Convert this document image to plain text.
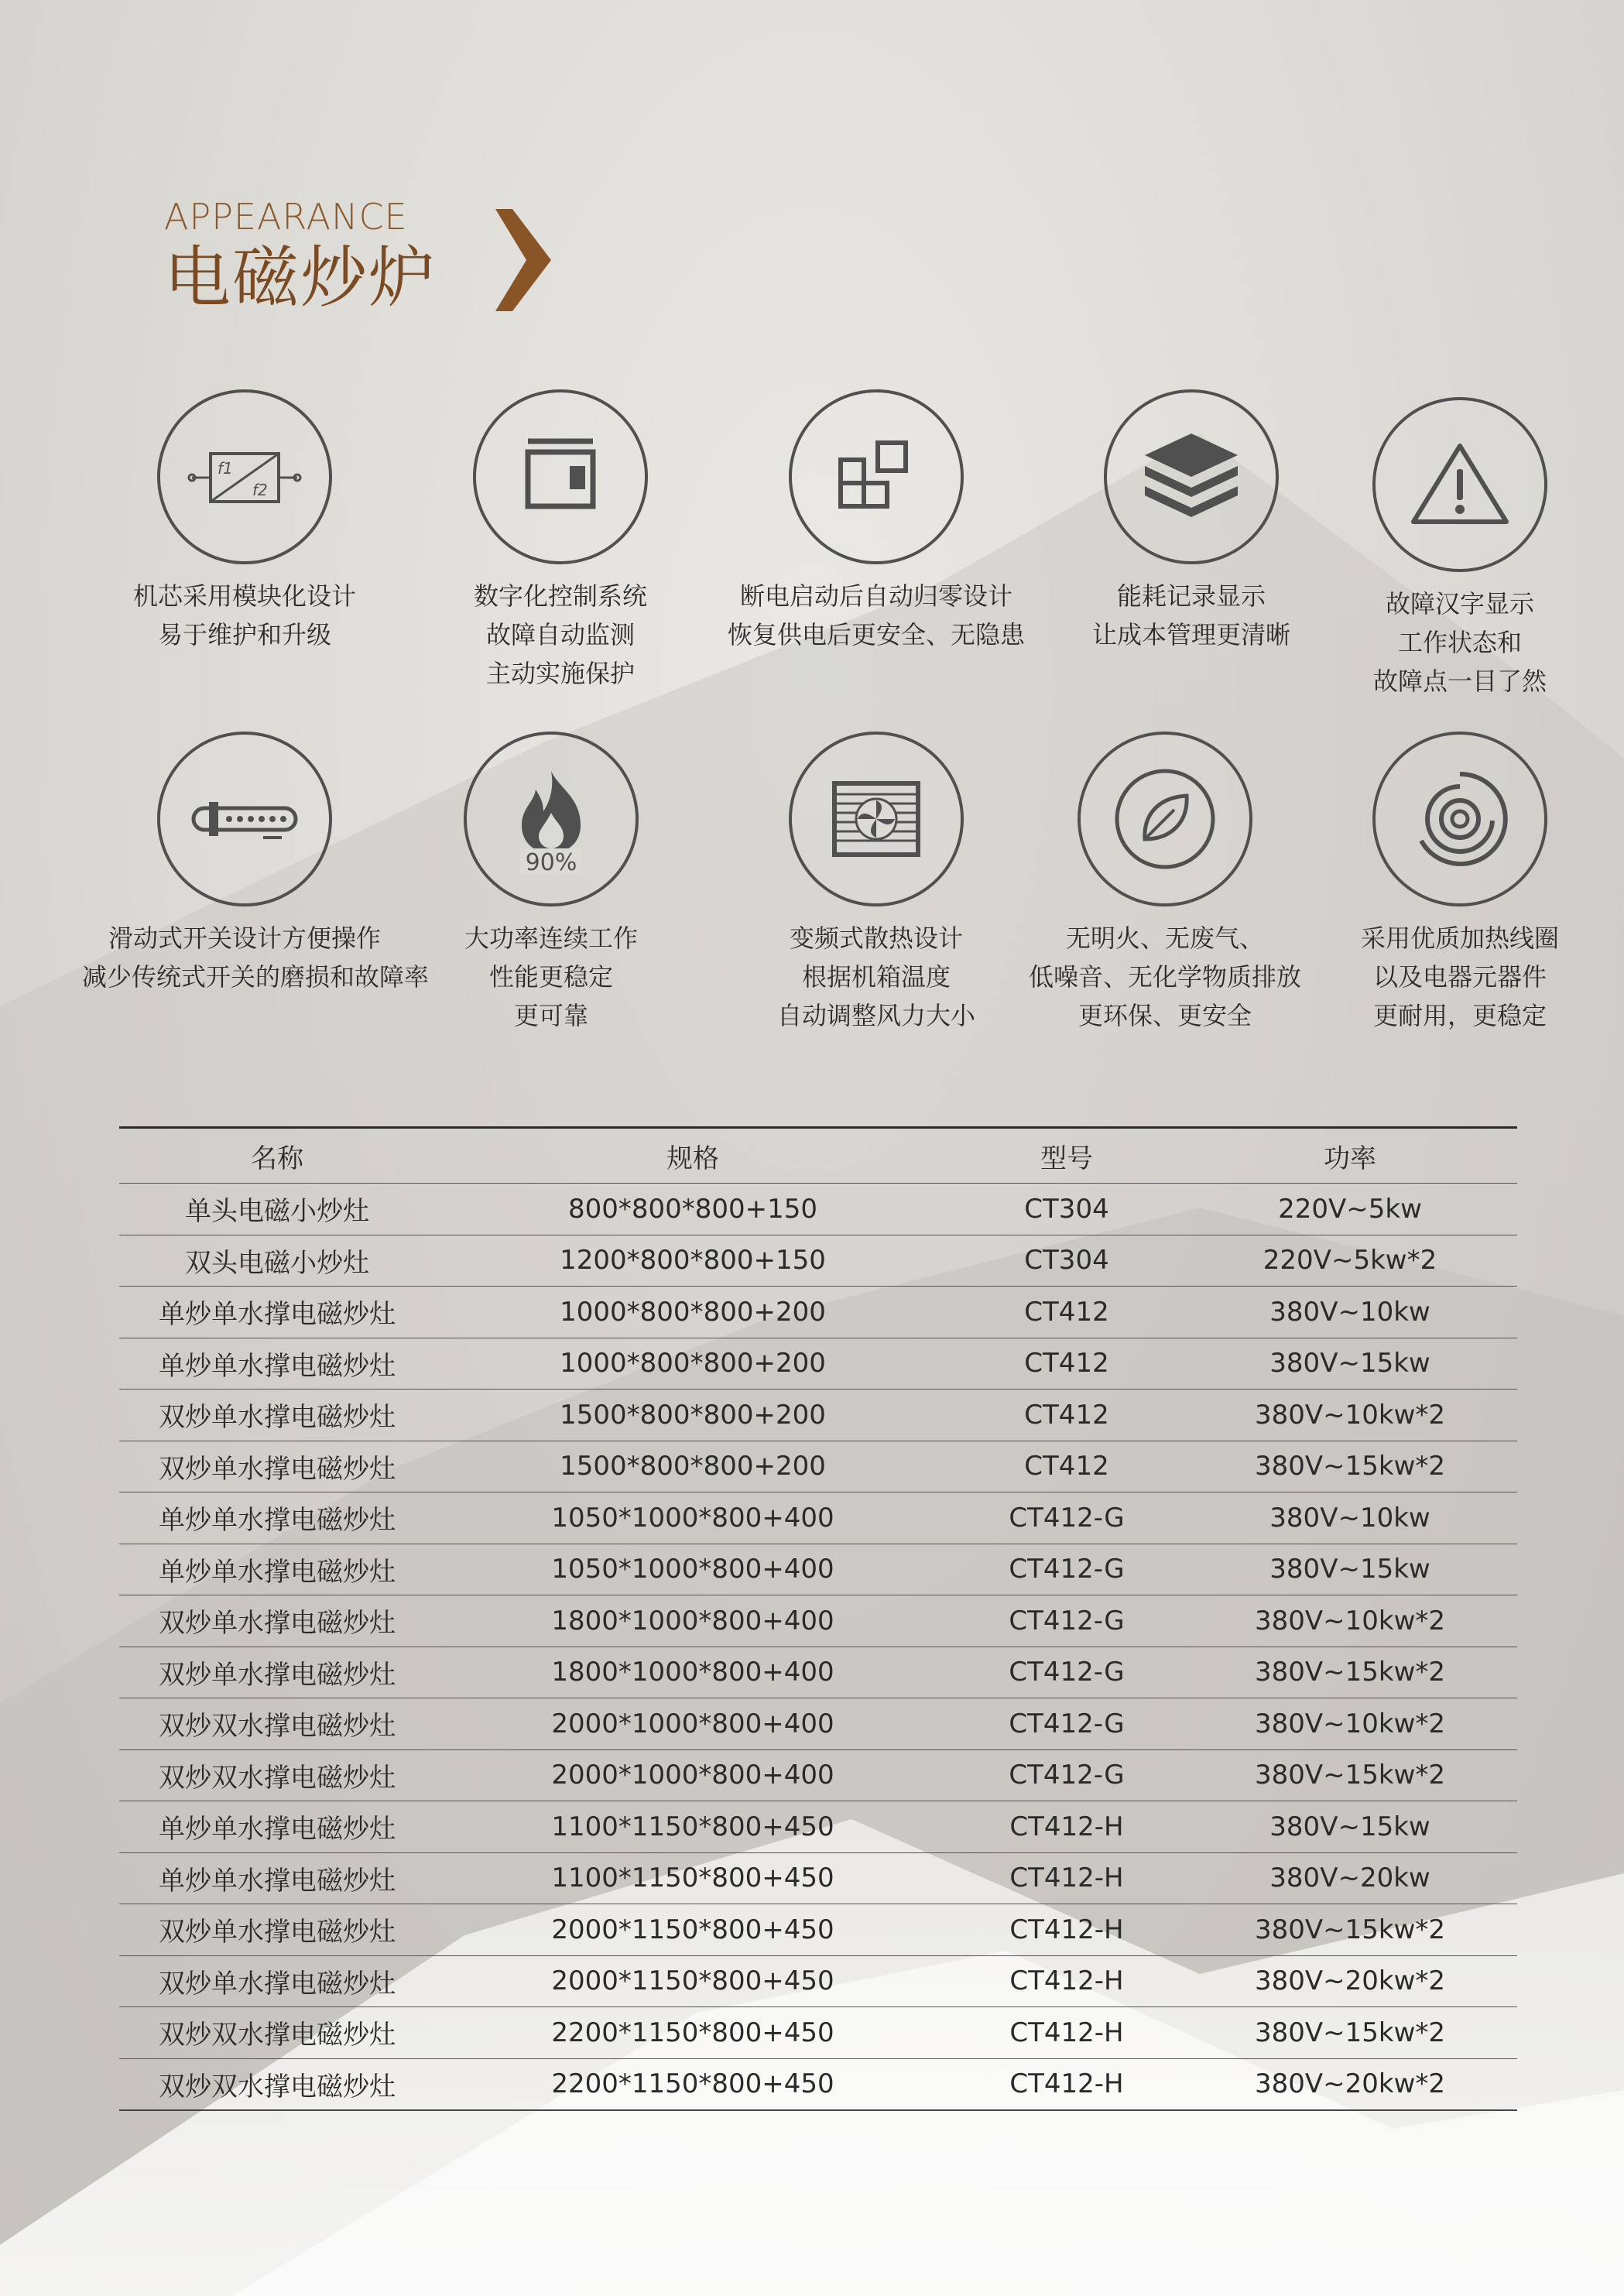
APPEARANCE
电磁炒炉
f1
f2
机芯采用模块化设计
易于维护和升级
数字化控制系统
故障自动监测
主动实施保护
断电启动后自动归零设计
恢复供电后更安全、无隐患
能耗记录显示
让成本管理更清晰
故障汉字显示
工作状态和
故障点一目了然
滑动式开关设计方便操作
减少传统式开关的磨损和故障率
90%
大功率连续工作
性能更稳定
更可靠
变频式散热设计
根据机箱温度
自动调整风力大小
无明火、无废气、
低噪音、无化学物质排放
更环保、更安全
采用优质加热线圈
以及电器元器件
更耐用，更稳定
名称	规格	型号	功率
单头电磁小炒灶	800*800*800+150	CT304	220V~5kw
双头电磁小炒灶	1200*800*800+150	CT304	220V~5kw*2
单炒单水撑电磁炒灶	1000*800*800+200	CT412	380V~10kw
单炒单水撑电磁炒灶	1000*800*800+200	CT412	380V~15kw
双炒单水撑电磁炒灶	1500*800*800+200	CT412	380V~10kw*2
双炒单水撑电磁炒灶	1500*800*800+200	CT412	380V~15kw*2
单炒单水撑电磁炒灶	1050*1000*800+400	CT412-G	380V~10kw
单炒单水撑电磁炒灶	1050*1000*800+400	CT412-G	380V~15kw
双炒单水撑电磁炒灶	1800*1000*800+400	CT412-G	380V~10kw*2
双炒单水撑电磁炒灶	1800*1000*800+400	CT412-G	380V~15kw*2
双炒双水撑电磁炒灶	2000*1000*800+400	CT412-G	380V~10kw*2
双炒双水撑电磁炒灶	2000*1000*800+400	CT412-G	380V~15kw*2
单炒单水撑电磁炒灶	1100*1150*800+450	CT412-H	380V~15kw
单炒单水撑电磁炒灶	1100*1150*800+450	CT412-H	380V~20kw
双炒单水撑电磁炒灶	2000*1150*800+450	CT412-H	380V~15kw*2
双炒单水撑电磁炒灶	2000*1150*800+450	CT412-H	380V~20kw*2
双炒双水撑电磁炒灶	2200*1150*800+450	CT412-H	380V~15kw*2
双炒双水撑电磁炒灶	2200*1150*800+450	CT412-H	380V~20kw*2
